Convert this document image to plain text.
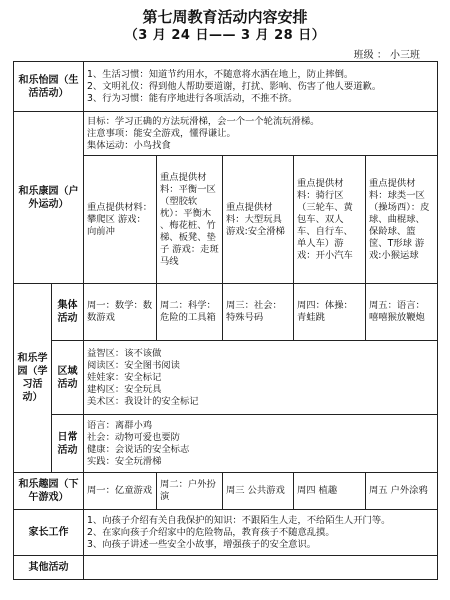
第七周教育活动内容安排
（3 月 24 日—— 3 月 28 日）
班级 ： 小三班
和乐怡园（生活活动）		1、生活习惯：知道节约用水，不随意将水洒在地上，防止摔倒。
2、文明礼仪：得到他人帮助要道谢，打扰、影响、伤害了他人要道歉。
3、行为习惯：能有序地进行各项活动，不推不挤。				

和乐康园（户外运动）		目标：学习正确的方法玩滑梯，会一个一个轮流玩滑梯。
注意事项：能安全游戏，懂得谦让。
集体运动：小鸟找食				

		重点提供材料：攀爬区 游戏：向前冲	重点提供材料：平衡一区（塑胶软枕）：平衡木 、梅花桩、竹梯、板凳、垫子 游戏：走斑马线	重点提供材料：大型玩具 游戏:安全滑梯	重点提供材料：骑行区（三轮车、黄包车、双人车、自行车、单人车）游戏：开小汽车	重点提供材料：球类一区（操场西）：皮球、曲棍球、保龄球、篮筐、T形球 游戏:小猴运球
和乐学园（学习活动）	集体活动	周一：数学：数数游戏	周二：科学：危险的工具箱	周三：社会：特殊号码	周四：体操：青蛙跳	周五：语言：嘻嘻猴放鞭炮
	区域活动	益智区：该不该做
阅读区：安全图书阅读
娃娃家：安全标记
建构区：安全玩具
美术区：我设计的安全标记				

	日常活动	语言：离群小鸡
社会：动物可爱也要防
健康：会说话的安全标志
实践：安全玩滑梯				

和乐趣园（下午游戏）		周一：亿童游戏	周二：户外扮演	周三 公共游戏	周四 植趣	周五 户外涂鸦
家长工作		1、向孩子介绍有关自我保护的知识：不跟陌生人走，不给陌生人开门等。
2、在家向孩子介绍家中的危险物品，教育孩子不随意乱摸。
3、向孩子讲述一些安全小故事，增强孩子的安全意识。				

其他活动						
